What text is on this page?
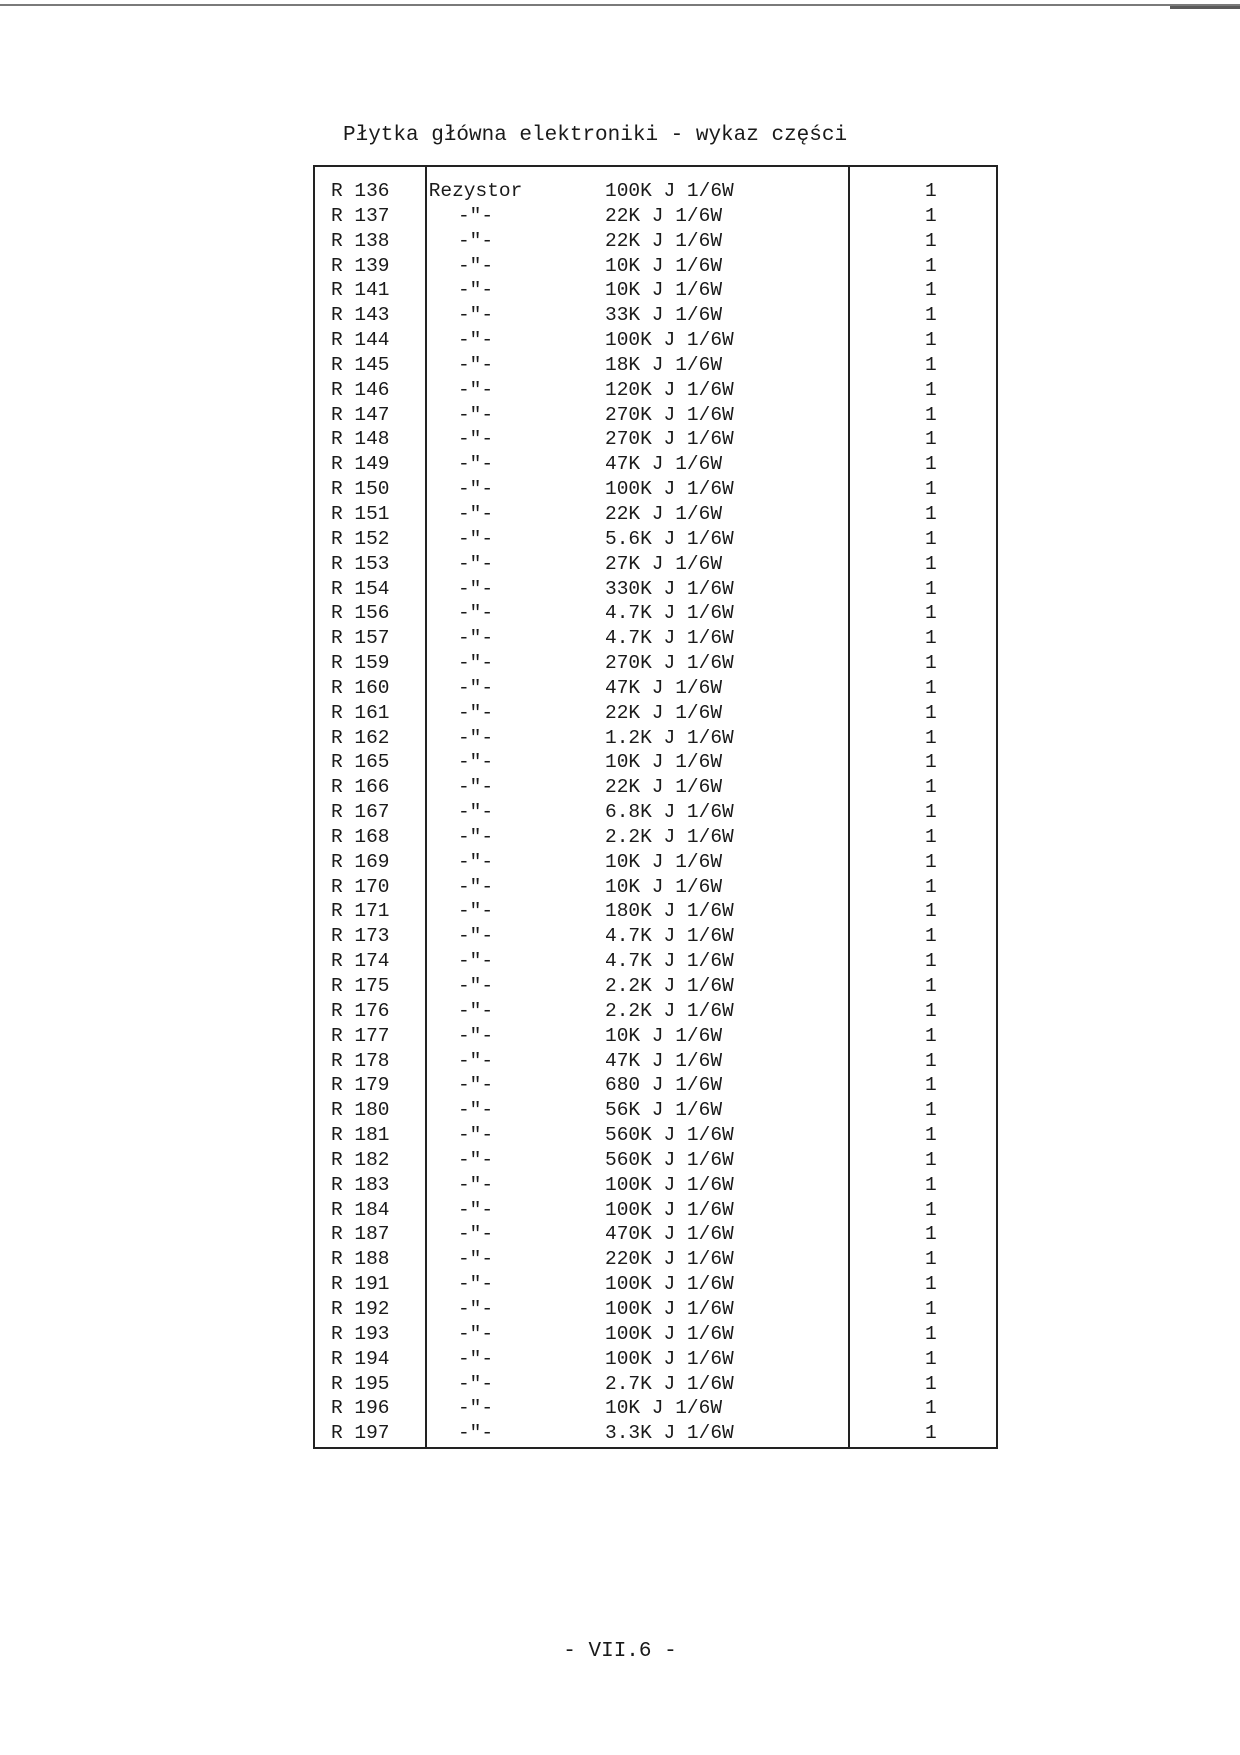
Płytka główna elektroniki - wykaz części
R 136	Rezystor	100K J 1/6W	1
R 137	-"-	22K J 1/6W	1
R 138	-"-	22K J 1/6W	1
R 139	-"-	10K J 1/6W	1
R 141	-"-	10K J 1/6W	1
R 143	-"-	33K J 1/6W	1
R 144	-"-	100K J 1/6W	1
R 145	-"-	18K J 1/6W	1
R 146	-"-	120K J 1/6W	1
R 147	-"-	270K J 1/6W	1
R 148	-"-	270K J 1/6W	1
R 149	-"-	47K J 1/6W	1
R 150	-"-	100K J 1/6W	1
R 151	-"-	22K J 1/6W	1
R 152	-"-	5.6K J 1/6W	1
R 153	-"-	27K J 1/6W	1
R 154	-"-	330K J 1/6W	1
R 156	-"-	4.7K J 1/6W	1
R 157	-"-	4.7K J 1/6W	1
R 159	-"-	270K J 1/6W	1
R 160	-"-	47K J 1/6W	1
R 161	-"-	22K J 1/6W	1
R 162	-"-	1.2K J 1/6W	1
R 165	-"-	10K J 1/6W	1
R 166	-"-	22K J 1/6W	1
R 167	-"-	6.8K J 1/6W	1
R 168	-"-	2.2K J 1/6W	1
R 169	-"-	10K J 1/6W	1
R 170	-"-	10K J 1/6W	1
R 171	-"-	180K J 1/6W	1
R 173	-"-	4.7K J 1/6W	1
R 174	-"-	4.7K J 1/6W	1
R 175	-"-	2.2K J 1/6W	1
R 176	-"-	2.2K J 1/6W	1
R 177	-"-	10K J 1/6W	1
R 178	-"-	47K J 1/6W	1
R 179	-"-	680 J 1/6W	1
R 180	-"-	56K J 1/6W	1
R 181	-"-	560K J 1/6W	1
R 182	-"-	560K J 1/6W	1
R 183	-"-	100K J 1/6W	1
R 184	-"-	100K J 1/6W	1
R 187	-"-	470K J 1/6W	1
R 188	-"-	220K J 1/6W	1
R 191	-"-	100K J 1/6W	1
R 192	-"-	100K J 1/6W	1
R 193	-"-	100K J 1/6W	1
R 194	-"-	100K J 1/6W	1
R 195	-"-	2.7K J 1/6W	1
R 196	-"-	10K J 1/6W	1
R 197	-"-	3.3K J 1/6W	1
- VII.6 -
